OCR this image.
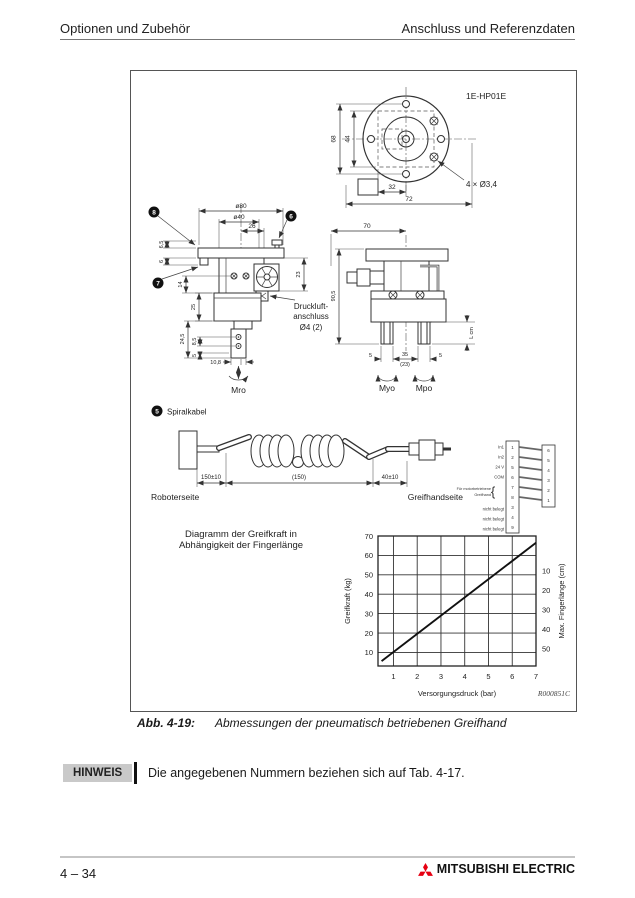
Optionen und Zubehör	Anschluss und Referenzdaten
68 44
32
72
4 × Ø3,4
1E-HP01E
ø80
ø40
26
6,5
6
14
25
24,5 8,5
5
23
10,8
8
6
7
Druckluft-
anschluss
Ø4 (2)
Mro
70
90,5
L cm
5	35
(23)
5
Myo Mpo
5 Spiralkabel
150±10	(150)	40±10
Roboterseite	Greifhandseite
1
2
5
6
7
8
3
4
9
6
5
4
3
2
1
In1
In2
24 V
COM
{
Für motorbetriebene
Greifhand
nicht belegt
nicht belegt
nicht belegt
Diagramm der Greifkraft in
Abhängigkeit der Fingerlänge
Greifkraft (kg)	Max. Fingerlänge (cm)
Versorgungsdruck (bar)
1	2	3	4	5	6	7
10
20
30
40
50
60
70
10
20
30
40
50
R000851C
Abb. 4-19: Abmessungen der pneumatisch betriebenen Greifhand
HINWEIS	Die angegebenen Nummern beziehen sich auf Tab. 4-17.
4 – 34	MITSUBISHI ELECTRIC
